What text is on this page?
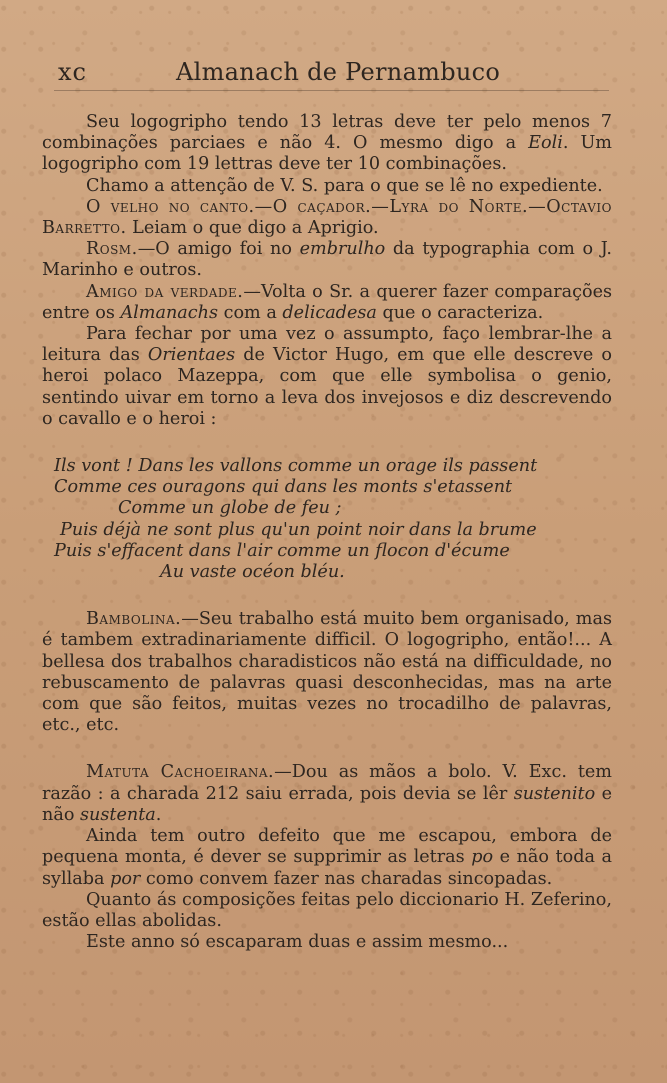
xc	Almanach de Pernambuco

Seu logogripho tendo 13 letras deve ter pelo menos 7 combinações parciaes e não 4. O mesmo digo a Eoli. Um logogripho com 19 lettras deve ter 10 combinações.

Chamo a attenção de V. S. para o que se lê no expediente.

O velho no canto.—O caçador.—Lyra do Norte.—Octavio Barretto. Leiam o que digo a Aprigio.

Rosm.—O amigo foi no embrulho da typographia com o J. Marinho e outros.

Amigo da verdade.—Volta o Sr. a querer fazer comparações entre os Almanachs com a delicadesa que o caracteriza.

Para fechar por uma vez o assumpto, faço lembrar-lhe a leitura das Orientaes de Victor Hugo, em que elle descreve o heroi polaco Mazeppa, com que elle symbolisa o genio, sentindo uivar em torno a leva dos invejosos e diz descrevendo o cavallo e o heroi :

Ils vont ! Dans les vallons comme un orage ils passent
Comme ces ouragons qui dans les monts s'etassent
Comme un globe de feu ;
Puis déjà ne sont plus qu'un point noir dans la brume
Puis s'effacent dans l'air comme un flocon d'écume
Au vaste océon bléu.

Bambolina.—Seu trabalho está muito bem organisado, mas é tambem extradinariamente difficil. O logogripho, então!... A bellesa dos trabalhos charadisticos não está na difficuldade, no rebuscamento de palavras quasi desconhecidas, mas na arte com que são feitos, muitas vezes no trocadilho de palavras, etc., etc.

Matuta Cachoeirana.—Dou as mãos a bolo. V. Exc. tem razão : a charada 212 saiu errada, pois devia se lêr sustenito e não sustenta.

Ainda tem outro defeito que me escapou, embora de pequena monta, é dever se supprimir as letras po e não toda a syllaba por como convem fazer nas charadas sincopadas.

Quanto ás composições feitas pelo diccionario H. Zeferino, estão ellas abolidas.

Este anno só escaparam duas e assim mesmo...
